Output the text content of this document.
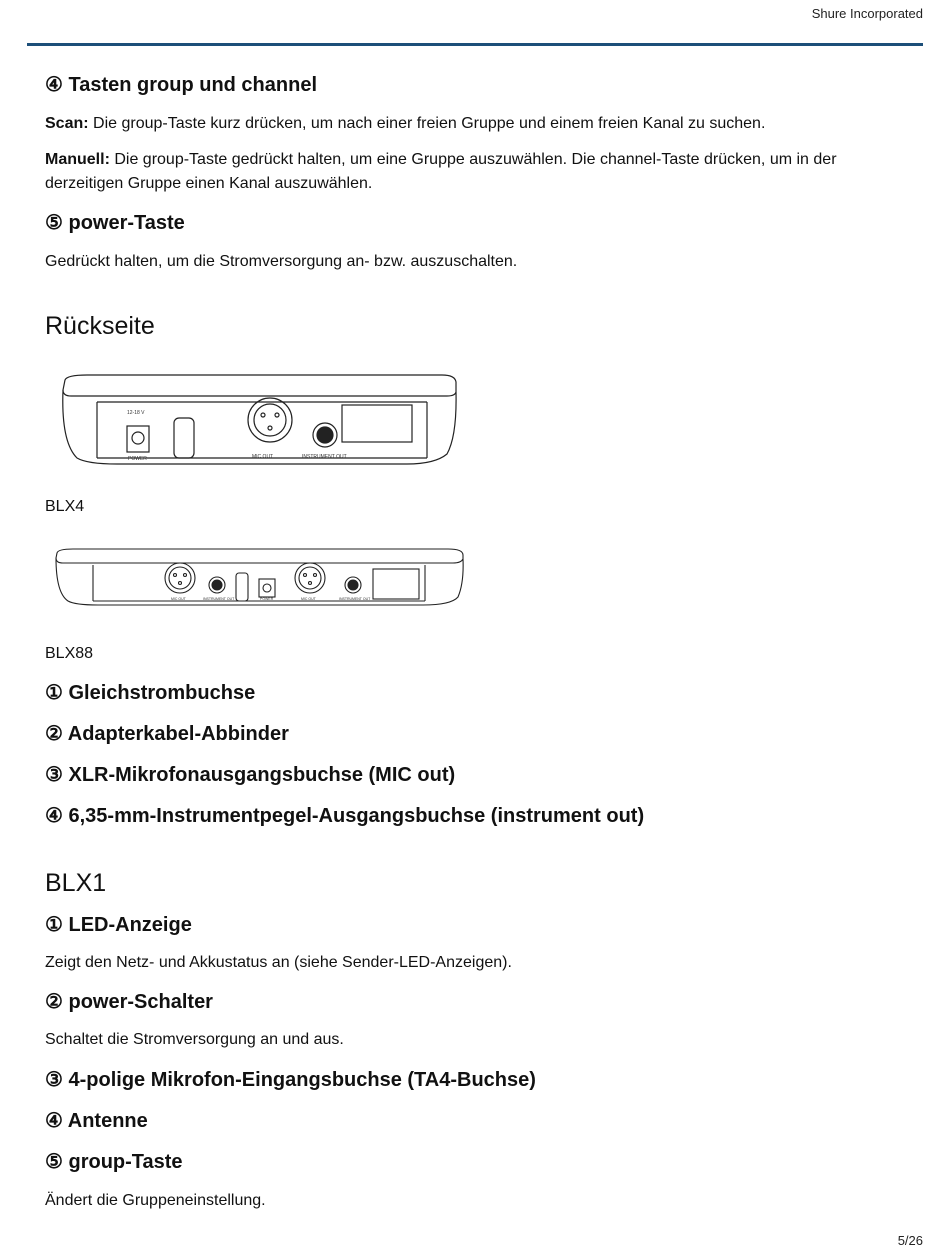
Shure Incorporated
④ Tasten group und channel
Scan: Die group-Taste kurz drücken, um nach einer freien Gruppe und einem freien Kanal zu suchen.
Manuell: Die group-Taste gedrückt halten, um eine Gruppe auszuwählen. Die channel-Taste drücken, um in der derzeitigen Gruppe einen Kanal auszuwählen.
⑤ power-Taste
Gedrückt halten, um die Stromversorgung an- bzw. auszuschalten.
Rückseite
POWER
12-18 V
MIC OUT	INSTRUMENT OUT
BLX4
MIC OUT	INSTRUMENT OUT	POWER	MIC OUT	INSTRUMENT OUT
BLX88
① Gleichstrombuchse
② Adapterkabel-Abbinder
③ XLR-Mikrofonausgangsbuchse (MIC out)
④ 6,35-mm-Instrumentpegel-Ausgangsbuchse (instrument out)
BLX1
① LED-Anzeige
Zeigt den Netz- und Akkustatus an (siehe Sender-LED-Anzeigen).
② power-Schalter
Schaltet die Stromversorgung an und aus.
③ 4-polige Mikrofon-Eingangsbuchse (TA4-Buchse)
④ Antenne
⑤ group-Taste
Ändert die Gruppeneinstellung.
5/26
